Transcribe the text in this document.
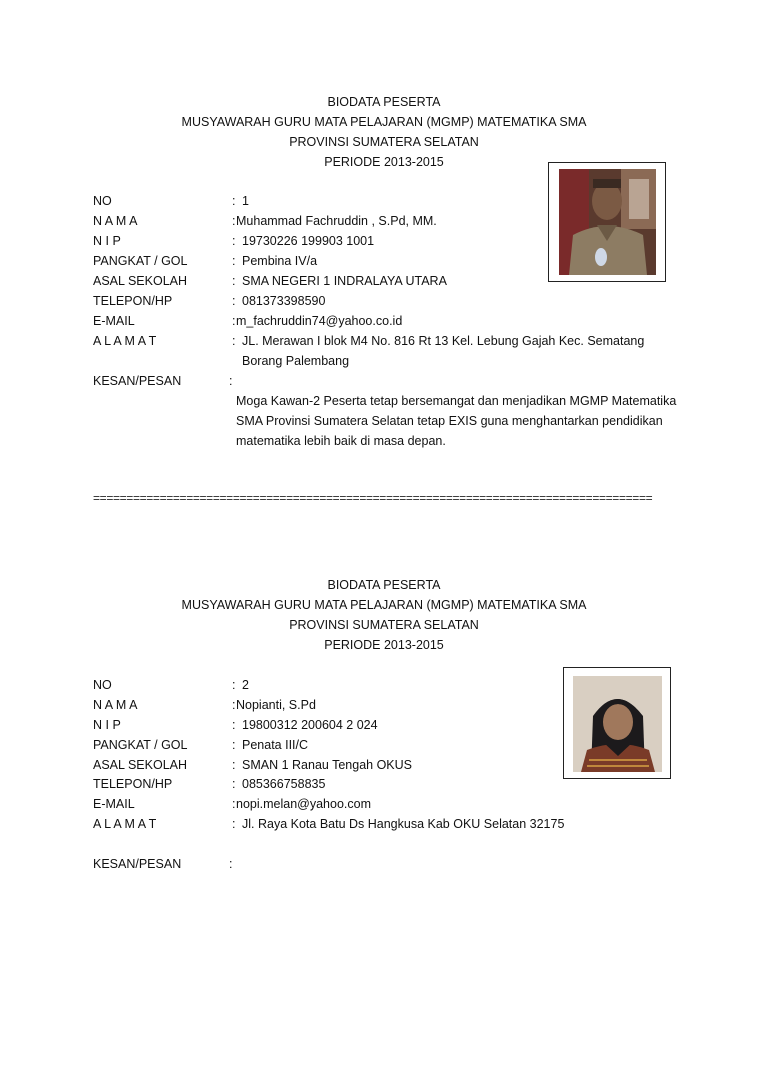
BIODATA PESERTA
MUSYAWARAH GURU MATA PELAJARAN (MGMP) MATEMATIKA SMA
PROVINSI SUMATERA SELATAN
PERIODE 2013-2015
NO	: 1
N A M A	: Muhammad Fachruddin , S.Pd, MM.
N I P	: 19730226 199903 1001
PANGKAT / GOL	: Pembina IV/a
ASAL SEKOLAH	: SMA NEGERI 1 INDRALAYA UTARA
TELEPON/HP	: 081373398590
E-MAIL	: m_fachruddin74@yahoo.co.id
A L A M A T	: JL. Merawan I blok M4 No. 816 Rt 13 Kel. Lebung Gajah Kec. Sematang
Borang Palembang
KESAN/PESAN	:
Moga Kawan-2 Peserta tetap bersemangat dan menjadikan MGMP Matematika SMA Provinsi Sumatera Selatan tetap EXIS guna menghantarkan pendidikan matematika lebih baik di masa depan.
====================================================================================
BIODATA PESERTA
MUSYAWARAH GURU MATA PELAJARAN (MGMP) MATEMATIKA SMA
PROVINSI SUMATERA SELATAN
PERIODE 2013-2015
NO	: 2
N A M A	: Nopianti, S.Pd
N I P	: 19800312 200604 2 024
PANGKAT / GOL	: Penata III/C
ASAL SEKOLAH	: SMAN 1 Ranau Tengah OKUS
TELEPON/HP	: 085366758835
E-MAIL	: nopi.melan@yahoo.com
A L A M A T	: Jl. Raya Kota Batu Ds Hangkusa Kab OKU Selatan 32175
KESAN/PESAN	:
